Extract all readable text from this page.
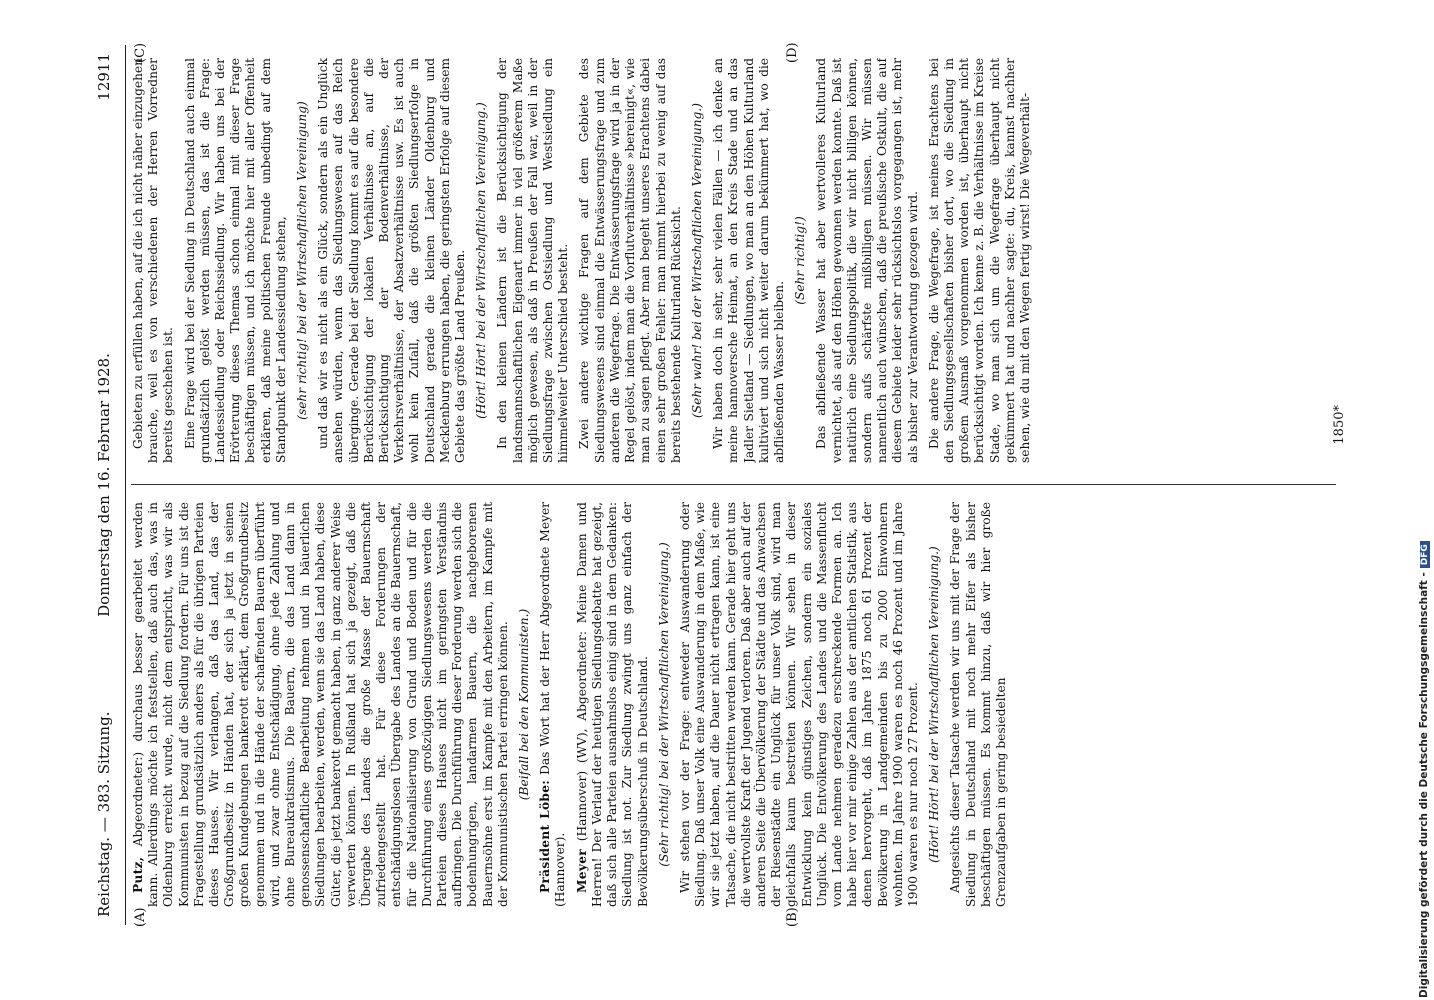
Reichstag. — 383. Sitzung.
Donnerstag den 16. Februar 1928.
12911
(A)	(B)
(C)	(D)

Putz, Abgeordneter:) durchaus besser gearbeitet werden kann. Allerdings möchte ich feststellen, daß auch das, was in Oldenburg erreicht wurde, nicht dem entspricht, was wir als Kommunisten in bezug auf die Siedlung fordern. Für uns ist die Fragestellung grundsätzlich anders als für die übrigen Parteien dieses Hauses. Wir verlangen, daß das Land, das der Großgrundbesitz in Händen hat, der sich ja jetzt in seinen großen Kundgebungen bankerott erklärt, dem Großgrundbesitz genommen und in die Hände der schaffenden Bauern überführt wird, und zwar ohne Entschädigung, ohne jede Zahlung und ohne Bureaukratismus. Die Bauern, die das Land dann in genossenschaftliche Bearbeitung nehmen und in bäuerlichen Siedlungen bearbeiten, werden, wenn sie das Land haben, diese Güter, die jetzt bankerott gemacht haben, in ganz anderer Weise verwerten können. In Rußland hat sich ja gezeigt, daß die Übergabe des Landes die große Masse der Bauernschaft zufriedengestellt hat. Für diese Forderungen der entschädigungslosen Übergabe des Landes an die Bauernschaft, für die Nationalisierung von Grund und Boden und für die Durchführung eines großzügigen Siedlungswesens werden die Parteien dieses Hauses nicht im geringsten Verständnis aufbringen. Die Durchführung dieser Forderung werden sich die bodenhungrigen, landarmen Bauern, die nachgeborenen Bauernsöhne erst im Kampfe mit den Arbeitern, im Kampfe mit der Kommunistischen Partei erringen können. (Beifall bei den Kommunisten.)

Präsident Löbe: Das Wort hat der Herr Abgeordnete Meyer (Hannover). Meyer (Hannover) (WV), Abgeordneter: Meine Damen und Herren! Der Verlauf der heutigen Siedlungsdebatte hat gezeigt, daß sich alle Parteien ausnahmslos einig sind in dem Gedanken: Siedlung ist not. Zur Siedlung zwingt uns ganz einfach der Bevölkerungsüberschuß in Deutschland. (Sehr richtig! bei der Wirtschaftlichen Vereinigung.) Wir stehen vor der Frage: entweder Auswanderung oder Siedlung. Daß unser Volk eine Auswanderung in dem Maße, wie wir sie jetzt haben, auf die Dauer nicht ertragen kann, ist eine Tatsache, die nicht bestritten werden kann. Gerade hier geht uns die wertvollste Kraft der Jugend verloren. Daß aber auch auf der anderen Seite die Übervölkerung der Städte und das Anwachsen der Riesenstädte ein Unglück für unser Volk sind, wird man gleichfalls kaum bestreiten können. Wir sehen in dieser Entwicklung kein günstiges Zeichen, sondern ein soziales Unglück. Die Entvölkerung des Landes und die Massenflucht vom Lande nehmen geradezu erschreckende Formen an. Ich habe hier vor mir einige Zahlen aus der amtlichen Statistik, aus denen hervorgeht, daß im Jahre 1875 noch 61 Prozent der Bevölkerung in Landgemeinden bis zu 2000 Einwohnern wohnten. Im Jahre 1900 waren es noch 46 Prozent und im Jahre 1900 waren es nur noch 27 Prozent. (Hört! Hört! bei der Wirtschaftlichen Vereinigung.) Angesichts dieser Tatsache werden wir uns mit der Frage der Siedlung in Deutschland mit noch mehr Eifer als bisher beschäftigen müssen. Es kommt hinzu, daß wir hier große Grenzaufgaben in gering besiedelten

Gebieten zu erfüllen haben, auf die ich nicht näher einzugehen brauche, weil es von verschiedenen der Herren Vorredner bereits geschehen ist. Eine Frage wird bei der Siedlung in Deutschland auch einmal grundsätzlich gelöst werden müssen, das ist die Frage: Landessiedlung oder Reichssiedlung. Wir haben uns bei der Erörterung dieses Themas schon einmal mit dieser Frage beschäftigen müssen, und ich möchte hier mit aller Offenheit erklären, daß meine politischen Freunde unbedingt auf dem Standpunkt der Landessiedlung stehen, (sehr richtig! bei der Wirtschaftlichen Vereinigung) und daß wir es nicht als ein Glück, sondern als ein Unglück ansehen würden, wenn das Siedlungswesen auf das Reich überginge. Gerade bei der Siedlung kommt es auf die besondere Berücksichtigung der lokalen Verhältnisse an, auf die Berücksichtigung der Bodenverhältnisse, der Verkehrsverhältnisse, der Absatzverhältnisse usw. Es ist auch wohl kein Zufall, daß die größten Siedlungserfolge in Deutschland gerade die kleinen Länder Oldenburg und Mecklenburg errungen haben, die geringsten Erfolge auf diesem Gebiete das größte Land Preußen. (Hört! Hört! bei der Wirtschaftlichen Vereinigung.) In den kleinen Ländern ist die Berücksichtigung der landsmannschaftlichen Eigenart immer in viel größerem Maße möglich gewesen, als daß in Preußen der Fall war, weil in der Siedlungsfrage zwischen Ostsiedlung und Westsiedlung ein himmelweiter Unterschied besteht. Zwei andere wichtige Fragen auf dem Gebiete des Siedlungswesens sind einmal die Entwässerungsfrage und zum anderen die Wegefrage. Die Entwässerungsfrage wird ja in der Regel gelöst, indem man die Vorflutverhältnisse »bereinigt«, wie man zu sagen pflegt. Aber man begeht unseres Erachtens dabei einen sehr großen Fehler: man nimmt hierbei zu wenig auf das bereits bestehende Kulturland Rücksicht. (Sehr wahr! bei der Wirtschaftlichen Vereinigung.) Wir haben doch in sehr, sehr vielen Fällen — ich denke an meine hannoversche Heimat, an den Kreis Stade und an das Jadler Sietland — Siedlungen, wo man an den Höhen Kulturland kultiviert und sich nicht weiter darum bekümmert hat, wo die abfließenden Wasser bleiben.

(Sehr richtig!) Das abfließende Wasser hat aber wertvolleres Kulturland vernichtet, als auf den Höhen gewonnen werden konnte. Daß ist natürlich eine Siedlungspolitik, die wir nicht billigen können, sondern aufs schärfste mißbilligen müssen. Wir müssen namentlich auch wünschen, daß die preußische Ostkult, die auf diesem Gebiete leider sehr rücksichtslos vorgegangen ist, mehr als bisher zur Verantwortung gezogen wird. Die andere Frage, die Wegefrage, ist meines Erachtens bei den Siedlungsgesellschaften bisher dort, wo die Siedlung in großem Ausmaß vorgenommen worden ist, überhaupt nicht berücksichtigt worden. Ich kenne z. B. die Verhältnisse im Kreise Stade, wo man sich um die Wegefrage überhaupt nicht gekümmert hat und nachher sagte: du, Kreis, kannst nachher sehen, wie du mit den Wegen fertig wirst! Die Wegeverhält-	1850*
Digitalisierung gefördert durch die Deutsche Forschungsgemeinschaft -DFG
